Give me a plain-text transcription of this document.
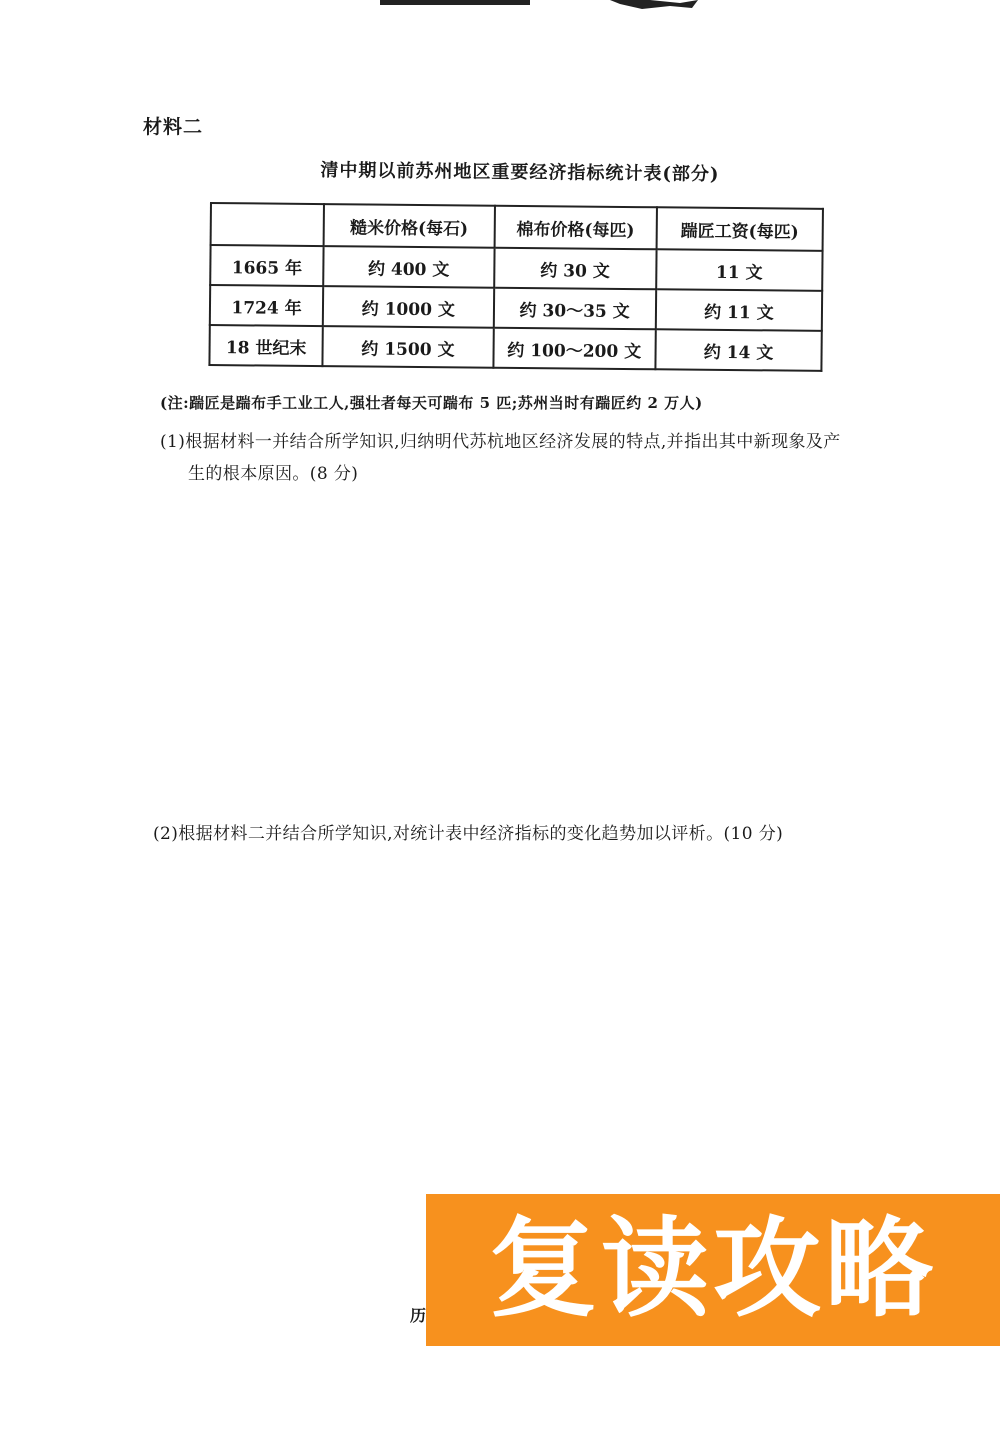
材料二
清中期以前苏州地区重要经济指标统计表(部分)
	糙米价格(每石)	棉布价格(每匹)	踹匠工资(每匹)
1665 年	约 400 文	约 30 文	11 文
1724 年	约 1000 文	约 30～35 文	约 11 文
18 世纪末	约 1500 文	约 100～200 文	约 14 文
(注:踹匠是踹布手工业工人,强壮者每天可踹布 5 匹;苏州当时有踹匠约 2 万人)
(1)根据材料一并结合所学知识,归纳明代苏杭地区经济发展的特点,并指出其中新现象及产
生的根本原因。(8 分)
(2)根据材料二并结合所学知识,对统计表中经济指标的变化趋势加以评析。(10 分)
历 复读攻略
